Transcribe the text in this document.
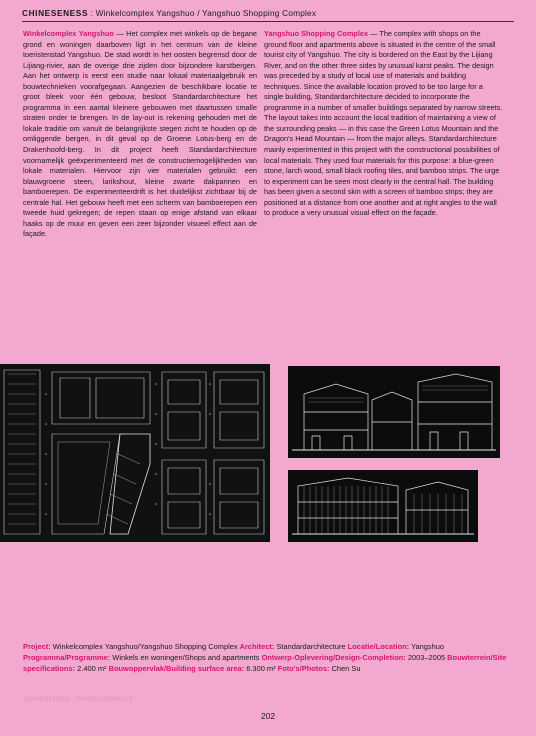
CHINESENESS : Winkelcomplex Yangshuo / Yangshuo Shopping Complex
Winkelcomplex Yangshuo — Het complex met winkels op de begane grond en woningen daarboven ligt in het centrum van de kleine toeristenstad Yangshuo. De stad wordt in het oosten begrensd door de Lijiang-rivier, aan de overige drie zijden door bijzondere karstbergen. Aan het ontwerp is eerst een studie naar lokaal materiaalgebruik en bouwtechnieken voorafgegaan. Aangezien de beschikbare locatie te groot bleek voor één gebouw, besloot Standardarchitecture het programma in een aantal kleinere gebouwen met daartussen smalle straten onder te brengen. In de lay-out is rekening gehouden met de lokale traditie om vanuit de belangrijkste stegen zicht te houden op de omliggende bergen, in dit geval op de Groene Lotus-berg en de Drakenhoofd-berg. In dit project heeft Standardarchitecture voornamelijk geëxperimenteerd met de constructiemogelijkheden van lokale materialen. Hiervoor zijn vier materialen gebruikt: een blauwgroene steen, larikshout, kleine zwarte dakpannen en bamboerepen. De experimenteerdrift is het duidelijkst zichtbaar bij de centrale hal. Het gebouw heeft met een scherm van bamboerepen een tweede huid gekregen; de repen staan op enige afstand van elkaar haaks op de muur en geven een zeer bijzonder visueel effect aan de façade.
Yangshuo Shopping Complex — The complex with shops on the ground floor and apartments above is situated in the centre of the small tourist city of Yangshuo. The city is bordered on the East by the Lijiang River, and on the other three sides by unusual karst peaks. The design was preceded by a study of local use of materials and building techniques. Since the available location proved to be too large for a single building, Standardarchitecture decided to incorporate the programme in a number of smaller buildings separated by narrow streets. The layout takes into account the local tradition of maintaining a view of the surrounding peaks — in this case the Green Lotus Mountain and the Dragon's Head Mountain — from the major alleys. Standardarchitecture mainly experimented in this project with the constructional possibilities of local materials. They used four materials for this purpose: a blue-green stone, larch wood, small black roofing tiles, and bamboo strips. The urge to experiment can be seen most clearly in the central hall. The building has been given a second skin with a screen of bamboo strips; they are positioned at a distance from one another and at right angles to the wall to produce a very unusual visual effect on the façade.
Project: Winkelcomplex Yangshuo/Yangshuo Shopping Complex Architect: Standardarchitecture Locatie/Location: Yangshuo Programma/Programme: Winkels en woningen/Shops and apartments Ontwerp-Oplevering/Design-Completion: 2003–2005 Bouwterrein/Site specifications: 2.400 m² Bouwoppervlak/Building surface area: 6.300 m² Foto's/Photos: Chen Su
CHINESENESS · WINKELCOMPLEX
202
